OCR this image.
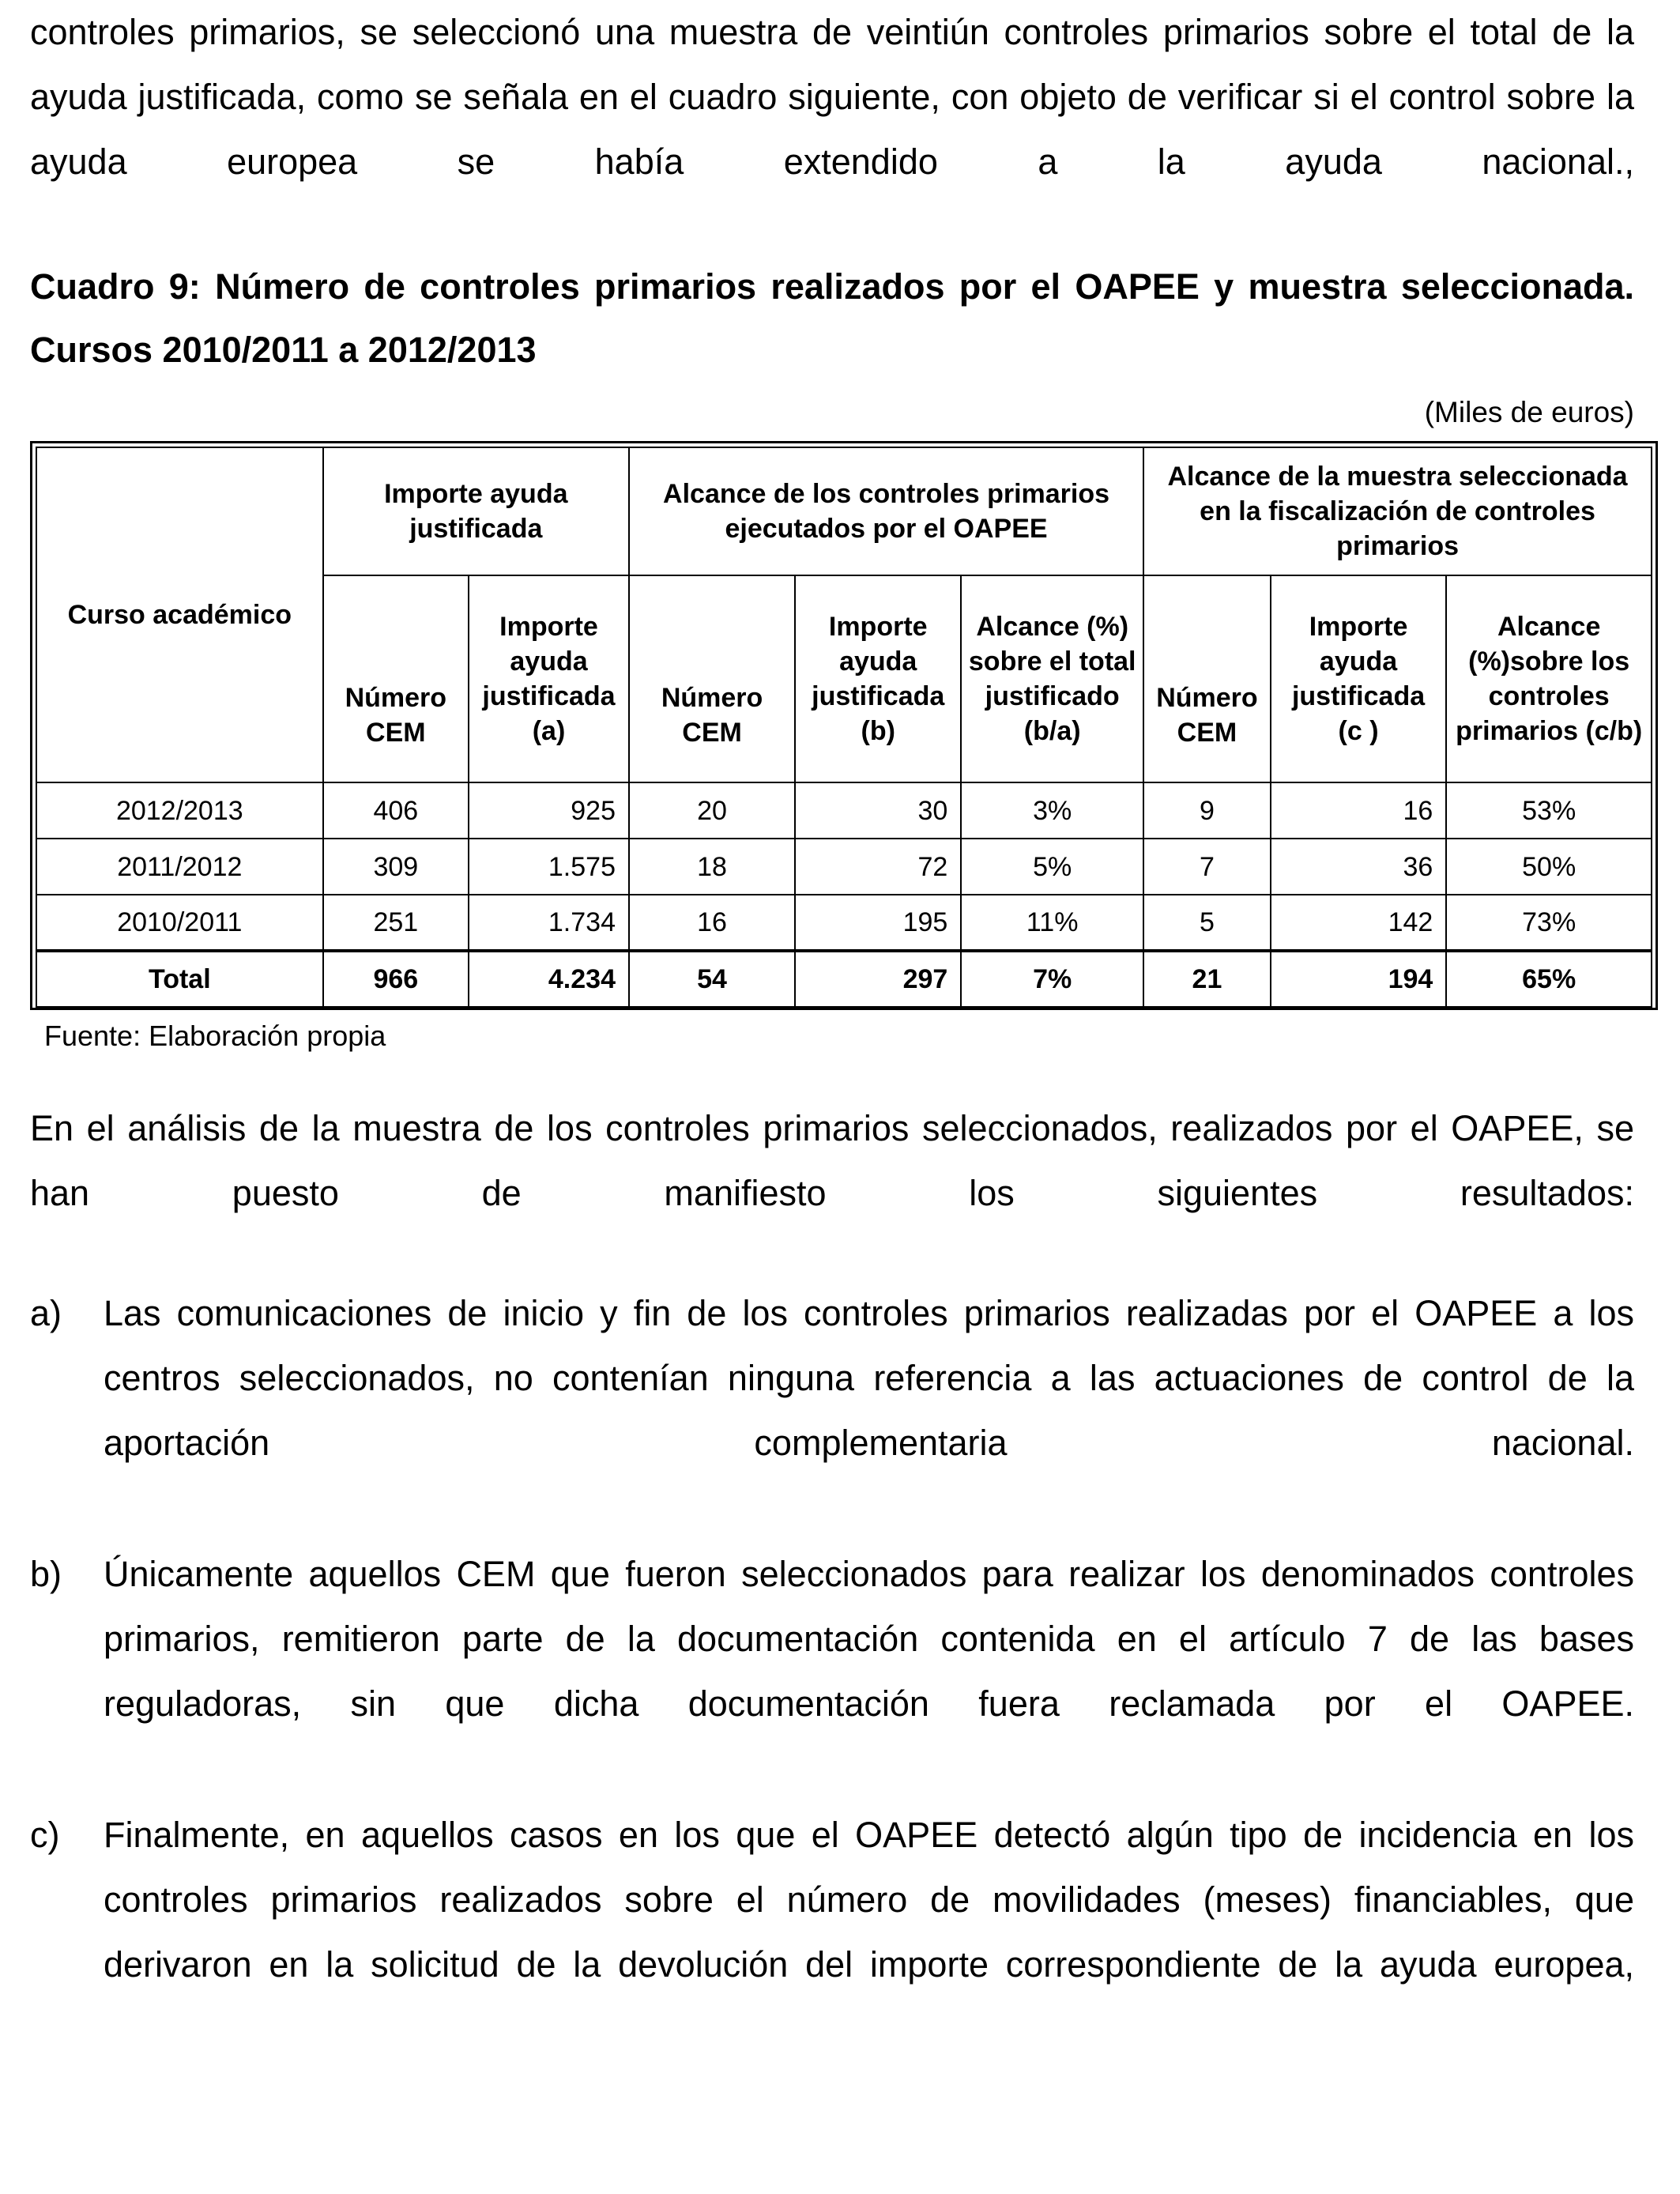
controles primarios, se seleccionó una muestra de veintiún controles primarios sobre el total de la ayuda justificada, como se señala en el cuadro siguiente, con objeto de verificar si el control sobre la ayuda europea se había extendido a la ayuda nacional.,

Cuadro 9: Número de controles primarios realizados por el OAPEE y muestra seleccionada. Cursos 2010/2011 a 2012/2013

(Miles de euros)
Curso académico	Importe ayuda justificada		Alcance de los controles primarios ejecutados por el OAPEE			Alcance de la muestra seleccionada en la fiscalización de controles primarios		
	Número CEM	Importe ayuda justificada (a)	Número CEM	Importe ayuda justificada (b)	Alcance (%) sobre el total justificado (b/a)	Número CEM	Importe ayuda justificada (c )	Alcance (%)sobre los controles primarios (c/b)
2012/2013	406	925	20	30	3%	9	16	53%
2011/2012	309	1.575	18	72	5%	7	36	50%
2010/2011	251	1.734	16	195	11%	5	142	73%
Total	966	4.234	54	297	7%	21	194	65%
Fuente: Elaboración propia

En el análisis de la muestra de los controles primarios seleccionados, realizados por el OAPEE, se han puesto de manifiesto los siguientes resultados:

a) Las comunicaciones de inicio y fin de los controles primarios realizadas por el OAPEE a los centros seleccionados, no contenían ninguna referencia a las actuaciones de control de la aportación complementaria nacional.

b) Únicamente aquellos CEM que fueron seleccionados para realizar los denominados controles primarios, remitieron parte de la documentación contenida en el artículo 7 de las bases reguladoras, sin que dicha documentación fuera reclamada por el OAPEE.

c) Finalmente, en aquellos casos en los que el OAPEE detectó algún tipo de incidencia en los controles primarios realizados sobre el número de movilidades (meses) financiables, que derivaron en la solicitud de la devolución del importe correspondiente de la ayuda europea,
